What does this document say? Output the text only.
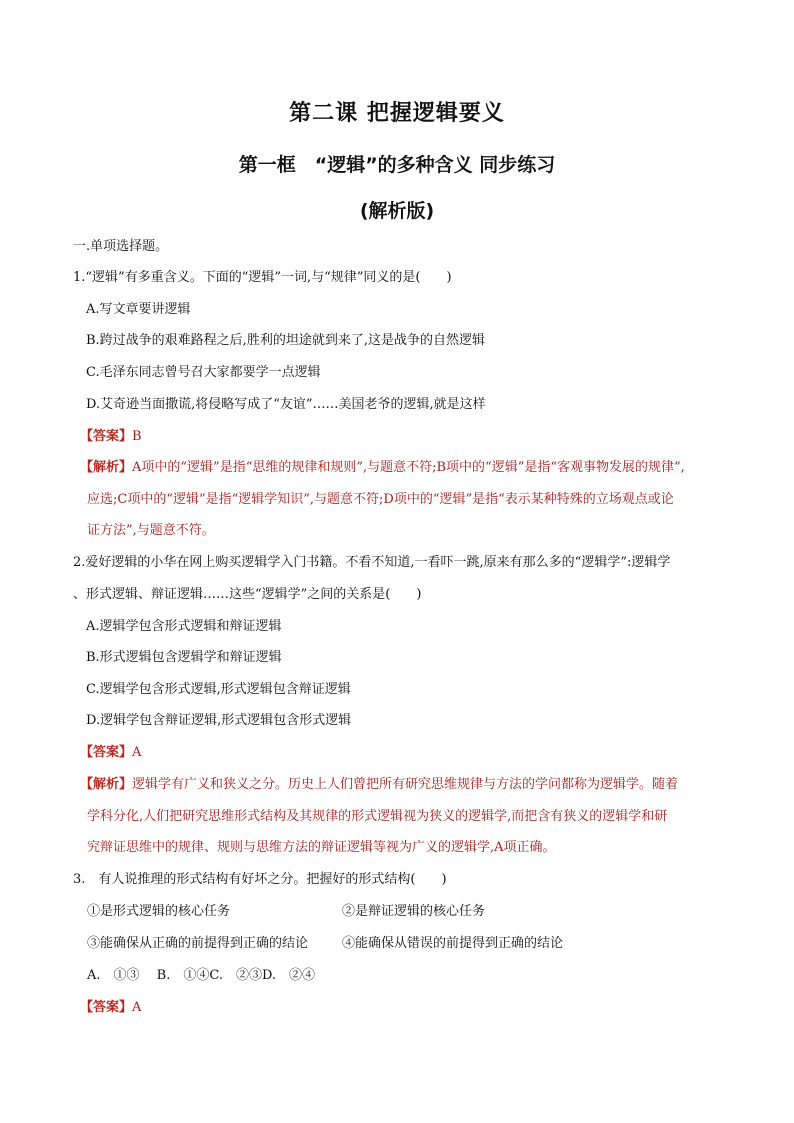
第二课 把握逻辑要义
第一框　“逻辑”的多种含义 同步练习
(解析版)
一.单项选择题。
1.“逻辑”有多重含义。下面的“逻辑”一词,与“规律”同义的是(　　)
A.写文章要讲逻辑
B.跨过战争的艰难路程之后,胜利的坦途就到来了,这是战争的自然逻辑
C.毛泽东同志曾号召大家都要学一点逻辑
D.艾奇逊当面撒谎,将侵略写成了“友谊”……美国老爷的逻辑,就是这样
【答案】B
【解析】A项中的“逻辑”是指“思维的规律和规则”,与题意不符;B项中的“逻辑”是指“客观事物发展的规律”,
应选;C项中的“逻辑”是指“逻辑学知识”,与题意不符;D项中的“逻辑”是指“表示某种特殊的立场观点或论
证方法”,与题意不符。
2.爱好逻辑的小华在网上购买逻辑学入门书籍。不看不知道,一看吓一跳,原来有那么多的“逻辑学”:逻辑学
、形式逻辑、辩证逻辑……这些“逻辑学”之间的关系是(　　)
A.逻辑学包含形式逻辑和辩证逻辑
B.形式逻辑包含逻辑学和辩证逻辑
C.逻辑学包含形式逻辑,形式逻辑包含辩证逻辑
D.逻辑学包含辩证逻辑,形式逻辑包含形式逻辑
【答案】A
【解析】逻辑学有广义和狭义之分。历史上人们曾把所有研究思维规律与方法的学问都称为逻辑学。随着
学科分化,人们把研究思维形式结构及其规律的形式逻辑视为狭义的逻辑学,而把含有狭义的逻辑学和研
究辩证思维中的规律、规则与思维方法的辩证逻辑等视为广义的逻辑学,A项正确。
3.　有人说推理的形式结构有好坏之分。把握好的形式结构(　　)
①是形式逻辑的核心任务	②是辩证逻辑的核心任务
③能确保从正确的前提得到正确的结论	④能确保从错误的前提得到正确的结论
A.　①③　 B.　①④C.　②③D.　②④
【答案】A
